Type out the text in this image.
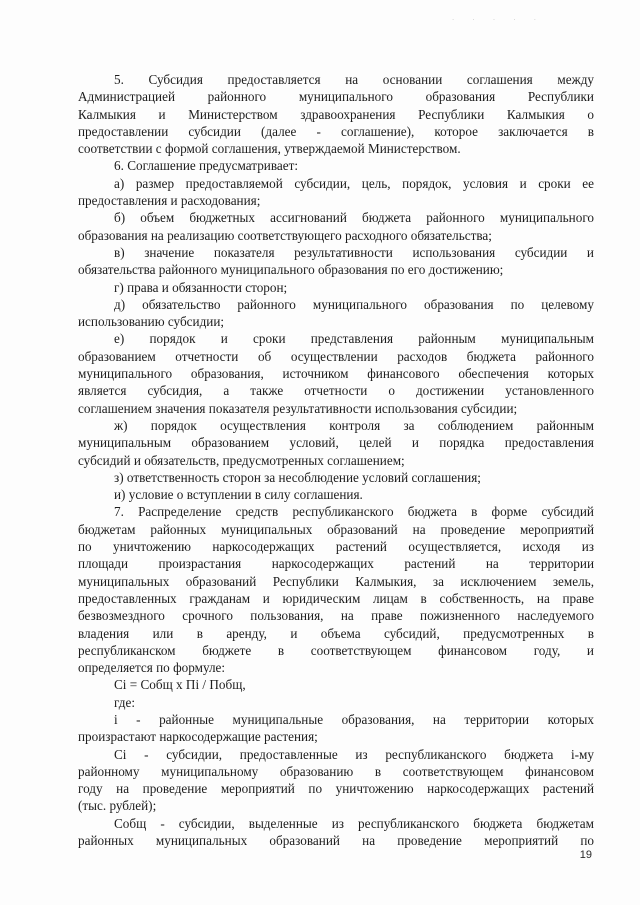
· · · · ·
5. Субсидия предоставляется на основании соглашения между
Администрацией районного муниципального образования Республики
Калмыкия и Министерством здравоохранения Республики Калмыкия о
предоставлении субсидии (далее - соглашение), которое заключается в
соответствии с формой соглашения, утверждаемой Министерством.
6. Соглашение предусматривает:
а) размер предоставляемой субсидии, цель, порядок, условия и сроки ее
предоставления и расходования;
б) объем бюджетных ассигнований бюджета районного муниципального
образования на реализацию соответствующего расходного обязательства;
в) значение показателя результативности использования субсидии и
обязательства районного муниципального образования по его достижению;
г) права и обязанности сторон;
д) обязательство районного муниципального образования по целевому
использованию субсидии;
е) порядок и сроки представления районным муниципальным
образованием отчетности об осуществлении расходов бюджета районного
муниципального образования, источником финансового обеспечения которых
является субсидия, а также отчетности о достижении установленного
соглашением значения показателя результативности использования субсидии;
ж) порядок осуществления контроля за соблюдением районным
муниципальным образованием условий, целей и порядка предоставления
субсидий и обязательств, предусмотренных соглашением;
з) ответственность сторон за несоблюдение условий соглашения;
и) условие о вступлении в силу соглашения.
7. Распределение средств республиканского бюджета в форме субсидий
бюджетам районных муниципальных образований на проведение мероприятий
по уничтожению наркосодержащих растений осуществляется, исходя из
площади произрастания наркосодержащих растений на территории
муниципальных образований Республики Калмыкия, за исключением земель,
предоставленных гражданам и юридическим лицам в собственность, на праве
безвозмездного срочного пользования, на праве пожизненного наследуемого
владения или в аренду, и объема субсидий, предусмотренных в
республиканском бюджете в соответствующем финансовом году, и
определяется по формуле:
Ci = Собщ x Пi / Побщ,
где:
i - районные муниципальные образования, на территории которых
произрастают наркосодержащие растения;
Ci - субсидии, предоставленные из республиканского бюджета i-му
районному муниципальному образованию в соответствующем финансовом
году на проведение мероприятий по уничтожению наркосодержащих растений
(тыс. рублей);
Собщ - субсидии, выделенные из республиканского бюджета бюджетам
районных муниципальных образований на проведение мероприятий по
19
